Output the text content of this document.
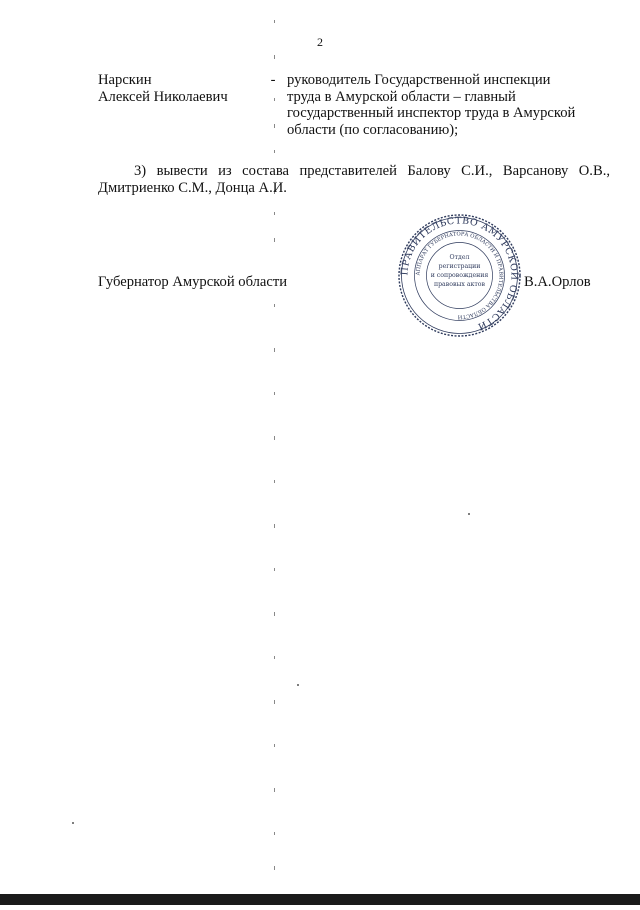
2
Нарскин
Алексей Николаевич
- руководитель Государственной инспекции
труда в Амурской области – главный
государственный инспектор труда в Амурской
области (по согласованию);
3) вывести из состава представителей Балову С.И., Варсанову О.В., Дмитриенко С.М., Донца А.И.
Губернатор Амурской области
ПРАВИТЕЛЬСТВО АМУРСКОЙ ОБЛАСТИ
АППАРАТ ГУБЕРНАТОРА ОБЛАСТИ И ПРАВИТЕЛЬСТВА ОБЛАСТИ
Отдел
регистрации
и сопровождения
правовых актов	В.А.Орлов
